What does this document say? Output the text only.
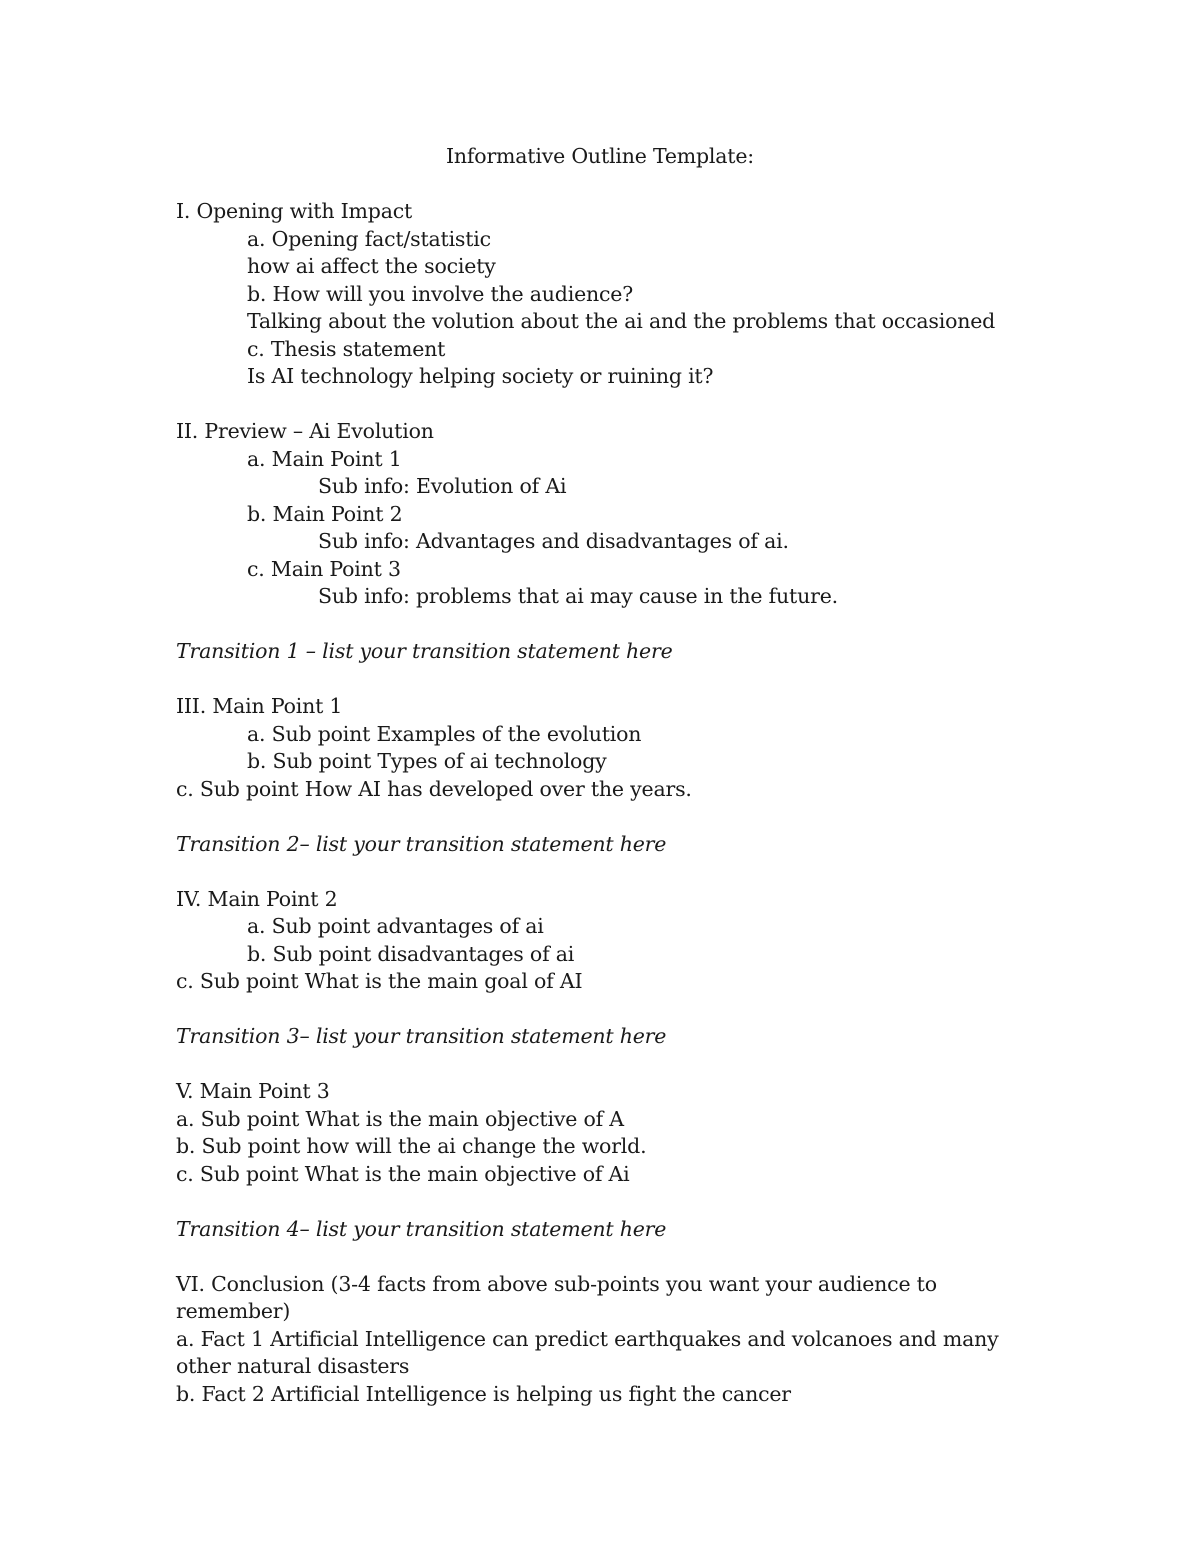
Informative Outline Template:
I. Opening with Impact
a. Opening fact/statistic
how ai affect the society
b. How will you involve the audience?
Talking about the volution about the ai and the problems that occasioned
c. Thesis statement
Is AI technology helping society or ruining it?
II. Preview – Ai Evolution
a. Main Point 1
Sub info: Evolution of Ai
b. Main Point 2
Sub info: Advantages and disadvantages of ai.
c. Main Point 3
Sub info: problems that ai may cause in the future.
Transition 1 – list your transition statement here
III. Main Point 1
a. Sub point Examples of the evolution
b. Sub point Types of ai technology
c. Sub point How AI has developed over the years.
Transition 2– list your transition statement here
IV. Main Point 2
a. Sub point advantages of ai
b. Sub point disadvantages of ai
c. Sub point What is the main goal of AI
Transition 3– list your transition statement here
V. Main Point 3
a. Sub point What is the main objective of A
b. Sub point how will the ai change the world.
c. Sub point What is the main objective of Ai
Transition 4– list your transition statement here
VI. Conclusion (3-4 facts from above sub-points you want your audience to
remember)
a. Fact 1 Artificial Intelligence can predict earthquakes and volcanoes and many
other natural disasters
b. Fact 2 Artificial Intelligence is helping us fight the cancer
